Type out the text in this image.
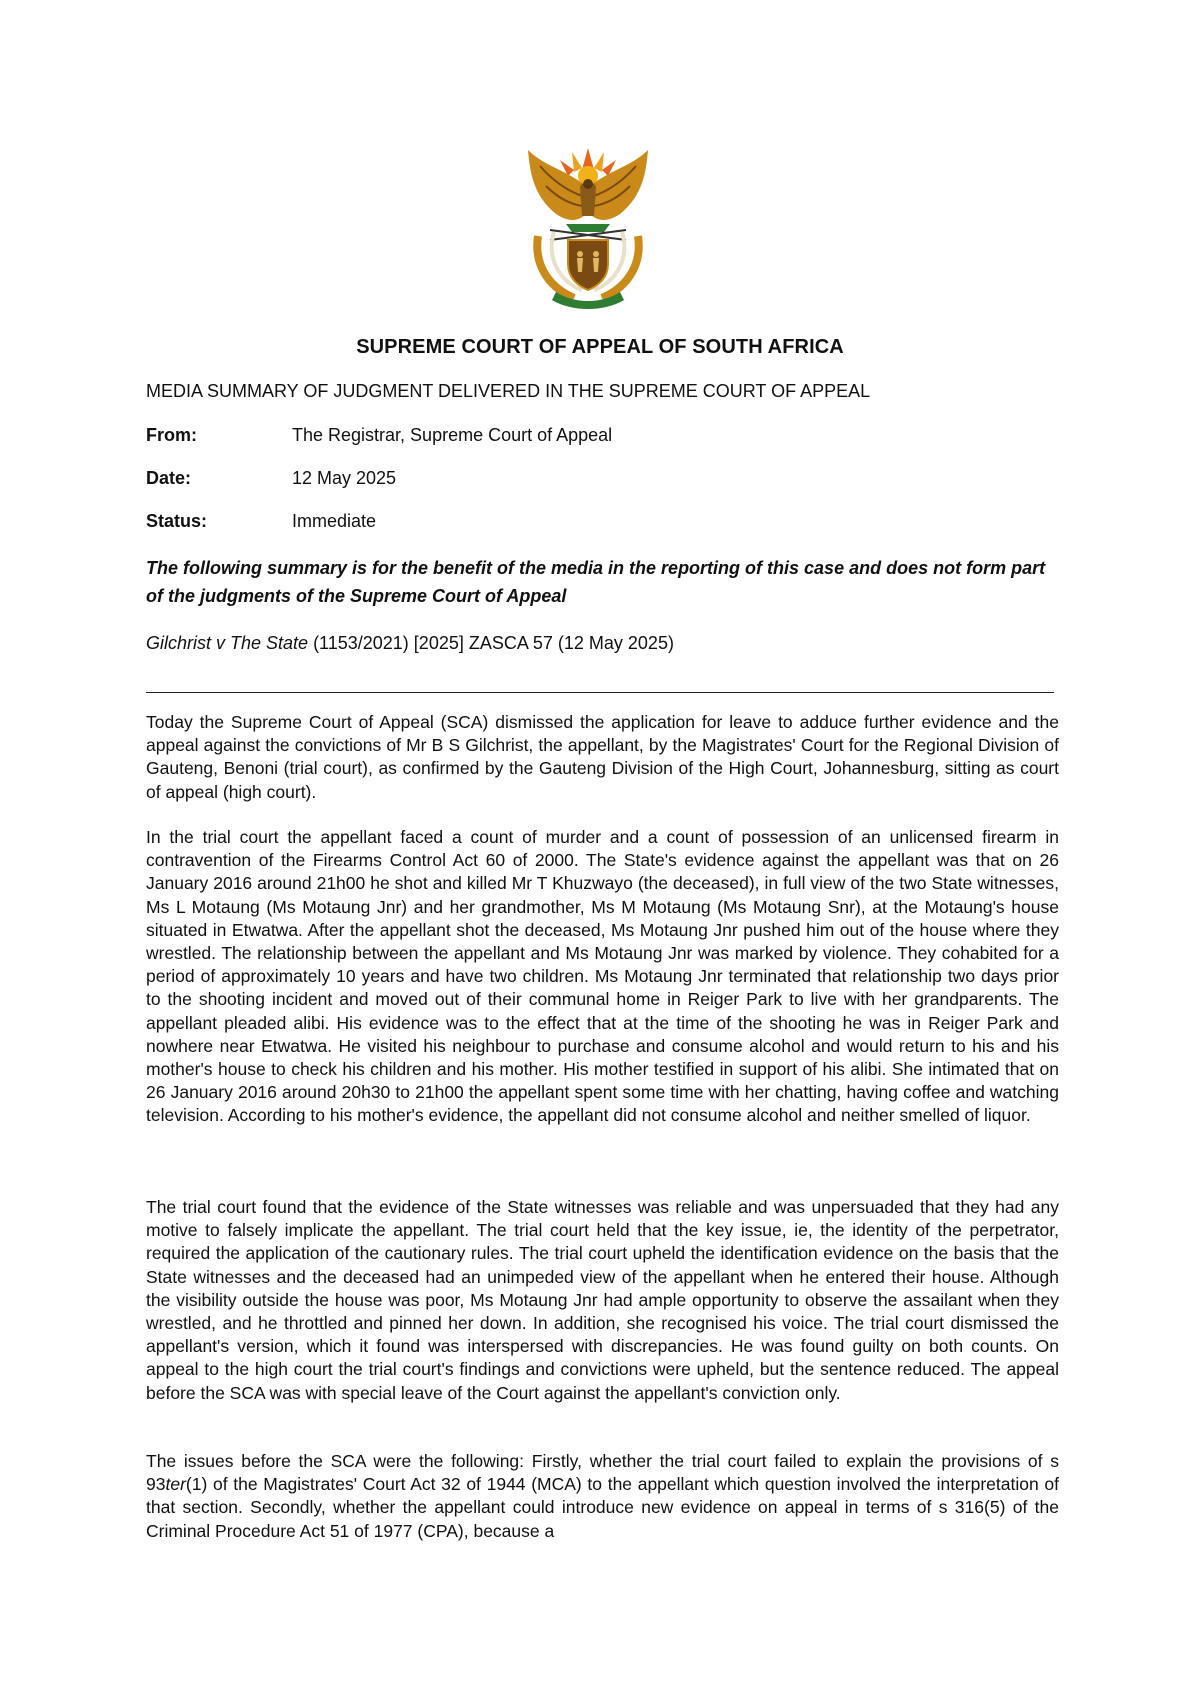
SUPREME COURT OF APPEAL OF SOUTH AFRICA
MEDIA SUMMARY OF JUDGMENT DELIVERED IN THE SUPREME COURT OF APPEAL
From:	The Registrar, Supreme Court of Appeal
Date:	12 May 2025
Status:	Immediate
The following summary is for the benefit of the media in the reporting of this case and does not form part of the judgments of the Supreme Court of Appeal
Gilchrist v The State (1153/2021) [2025] ZASCA 57 (12 May 2025)

Today the Supreme Court of Appeal (SCA) dismissed the application for leave to adduce further evidence and the appeal against the convictions of Mr B S Gilchrist, the appellant, by the Magistrates' Court for the Regional Division of Gauteng, Benoni (trial court), as confirmed by the Gauteng Division of the High Court, Johannesburg, sitting as court of appeal (high court).

In the trial court the appellant faced a count of murder and a count of possession of an unlicensed firearm in contravention of the Firearms Control Act 60 of 2000. The State's evidence against the appellant was that on 26 January 2016 around 21h00 he shot and killed Mr T Khuzwayo (the deceased), in full view of the two State witnesses, Ms L Motaung (Ms Motaung Jnr) and her grandmother, Ms M Motaung (Ms Motaung Snr), at the Motaung's house situated in Etwatwa. After the appellant shot the deceased, Ms Motaung Jnr pushed him out of the house where they wrestled. The relationship between the appellant and Ms Motaung Jnr was marked by violence. They cohabited for a period of approximately 10 years and have two children. Ms Motaung Jnr terminated that relationship two days prior to the shooting incident and moved out of their communal home in Reiger Park to live with her grandparents. The appellant pleaded alibi. His evidence was to the effect that at the time of the shooting he was in Reiger Park and nowhere near Etwatwa. He visited his neighbour to purchase and consume alcohol and would return to his and his mother's house to check his children and his mother. His mother testified in support of his alibi. She intimated that on 26 January 2016 around 20h30 to 21h00 the appellant spent some time with her chatting, having coffee and watching television. According to his mother's evidence, the appellant did not consume alcohol and neither smelled of liquor.

The trial court found that the evidence of the State witnesses was reliable and was unpersuaded that they had any motive to falsely implicate the appellant. The trial court held that the key issue, ie, the identity of the perpetrator, required the application of the cautionary rules. The trial court upheld the identification evidence on the basis that the State witnesses and the deceased had an unimpeded view of the appellant when he entered their house. Although the visibility outside the house was poor, Ms Motaung Jnr had ample opportunity to observe the assailant when they wrestled, and he throttled and pinned her down. In addition, she recognised his voice. The trial court dismissed the appellant's version, which it found was interspersed with discrepancies. He was found guilty on both counts. On appeal to the high court the trial court's findings and convictions were upheld, but the sentence reduced. The appeal before the SCA was with special leave of the Court against the appellant's conviction only.

The issues before the SCA were the following: Firstly, whether the trial court failed to explain the provisions of s 93ter(1) of the Magistrates' Court Act 32 of 1944 (MCA) to the appellant which question involved the interpretation of that section. Secondly, whether the appellant could introduce new evidence on appeal in terms of s 316(5) of the Criminal Procedure Act 51 of 1977 (CPA), because a
